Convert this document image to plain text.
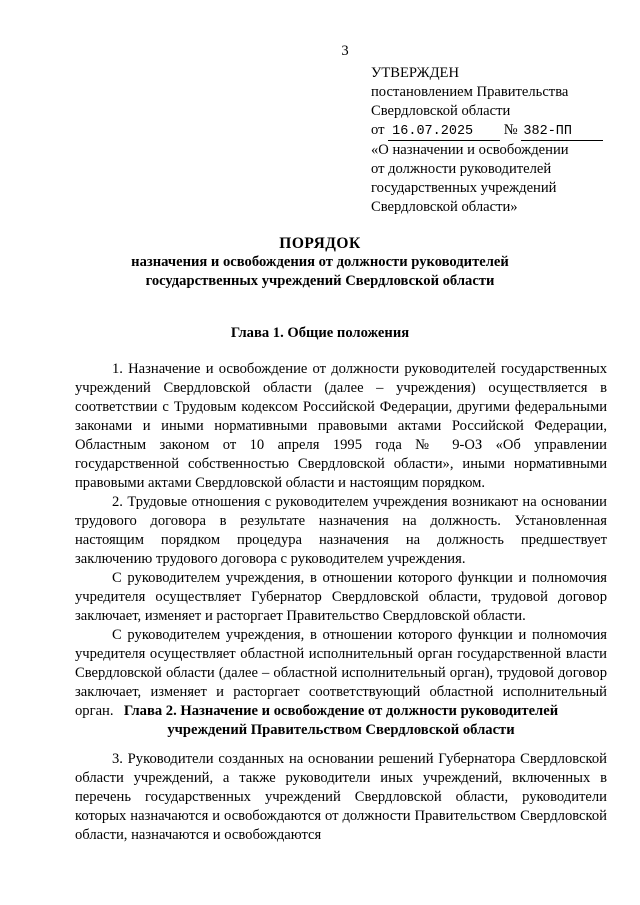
3
УТВЕРЖДЕН
постановлением Правительства
Свердловской области
от 16.07.2025 № 382-ПП
«О назначении и освобождении
от должности руководителей
государственных учреждений
Свердловской области»
ПОРЯДОК
назначения и освобождения от должности руководителей
государственных учреждений Свердловской области
Глава 1. Общие положения

1. Назначение и освобождение от должности руководителей государственных учреждений Свердловской области (далее – учреждения) осуществляется в соответствии с Трудовым кодексом Российской Федерации, другими федеральными законами и иными нормативными правовыми актами Российской Федерации, Областным законом от 10 апреля 1995 года № 9-ОЗ «Об управлении государственной собственностью Свердловской области», иными нормативными правовыми актами Свердловской области и настоящим порядком.

2. Трудовые отношения с руководителем учреждения возникают на основании трудового договора в результате назначения на должность. Установленная настоящим порядком процедура назначения на должность предшествует заключению трудового договора с руководителем учреждения.

С руководителем учреждения, в отношении которого функции и полномочия учредителя осуществляет Губернатор Свердловской области, трудовой договор заключает, изменяет и расторгает Правительство Свердловской области.

С руководителем учреждения, в отношении которого функции и полномочия учредителя осуществляет областной исполнительный орган государственной власти Свердловской области (далее – областной исполнительный орган), трудовой договор заключает, изменяет и расторгает соответствующий областной исполнительный орган. Глава 2. Назначение и освобождение от должности руководителей
учреждений Правительством Свердловской области

3. Руководители созданных на основании решений Губернатора Свердловской области учреждений, а также руководители иных учреждений, включенных в перечень государственных учреждений Свердловской области, руководители которых назначаются и освобождаются от должности Правительством Свердловской области, назначаются и освобождаются
